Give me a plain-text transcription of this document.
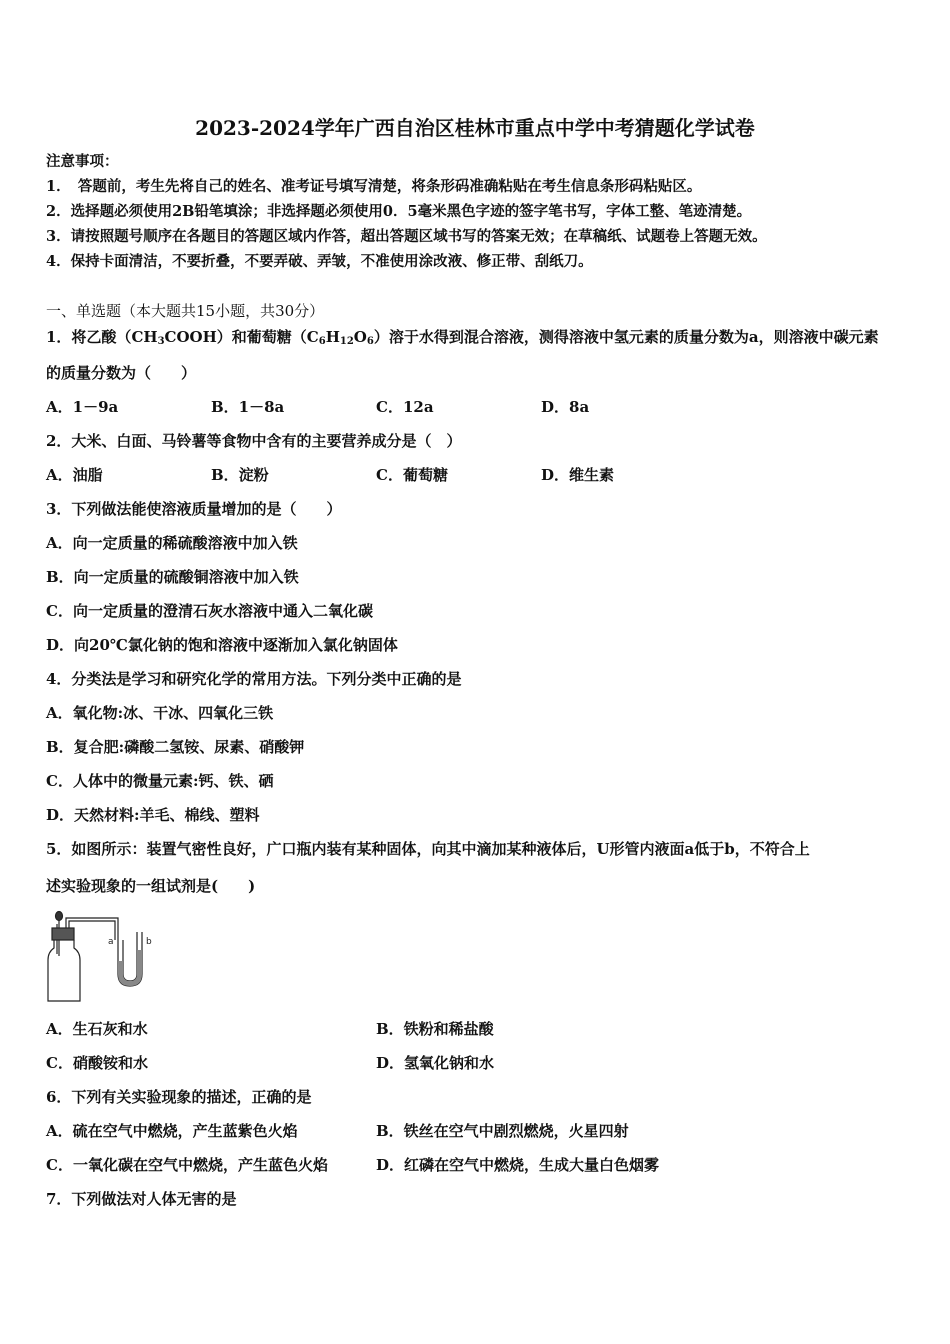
2023-2024学年广西自治区桂林市重点中学中考猜题化学试卷
注意事项：
1．　答题前，考生先将自己的姓名、准考证号填写清楚，将条形码准确粘贴在考生信息条形码粘贴区。
2．选择题必须使用2B铅笔填涂；非选择题必须使用0．5毫米黑色字迹的签字笔书写，字体工整、笔迹清楚。
3．请按照题号顺序在各题目的答题区域内作答，超出答题区域书写的答案无效；在草稿纸、试题卷上答题无效。
4．保持卡面清洁，不要折叠，不要弄破、弄皱，不准使用涂改液、修正带、刮纸刀。
一、单选题（本大题共15小题，共30分）
1．将乙酸$(CH_3COOH)$和葡萄糖$(C_6H_{12}O_6)$溶于水得到混合溶液，测得溶液中氢元素的质量分数为a，则溶液中碳元素
的质量分数为（　　）
A．1－9a	B．1－8a	C．12a	D．8a
2．大米、白面、马铃薯等食物中含有的主要营养成分是（　）
A．油脂	B．淀粉	C．葡萄糖	D．维生素
3．下列做法能使溶液质量增加的是（　　）
A．向一定质量的稀硫酸溶液中加入铁
B．向一定质量的硫酸铜溶液中加入铁
C．向一定质量的澄清石灰水溶液中通入二氧化碳
D．向20℃氯化钠的饱和溶液中逐渐加入氯化钠固体
4．分类法是学习和研究化学的常用方法。下列分类中正确的是
A．氧化物:冰、干冰、四氧化三铁
B．复合肥:磷酸二氢铵、尿素、硝酸钾
C．人体中的微量元素:钙、铁、硒
D．天然材料:羊毛、棉线、塑料
5．如图所示：装置气密性良好，广口瓶内装有某种固体，向其中滴加某种液体后，U形管内液面a低于b，不符合上
述实验现象的一组试剂是(　　)
a	b
A．生石灰和水	B．铁粉和稀盐酸
C．硝酸铵和水	D．氢氧化钠和水
6．下列有关实验现象的描述，正确的是
A．硫在空气中燃烧，产生蓝紫色火焰	B．铁丝在空气中剧烈燃烧，火星四射
C．一氧化碳在空气中燃烧，产生蓝色火焰	D．红磷在空气中燃烧，生成大量白色烟雾
7．下列做法对人体无害的是
